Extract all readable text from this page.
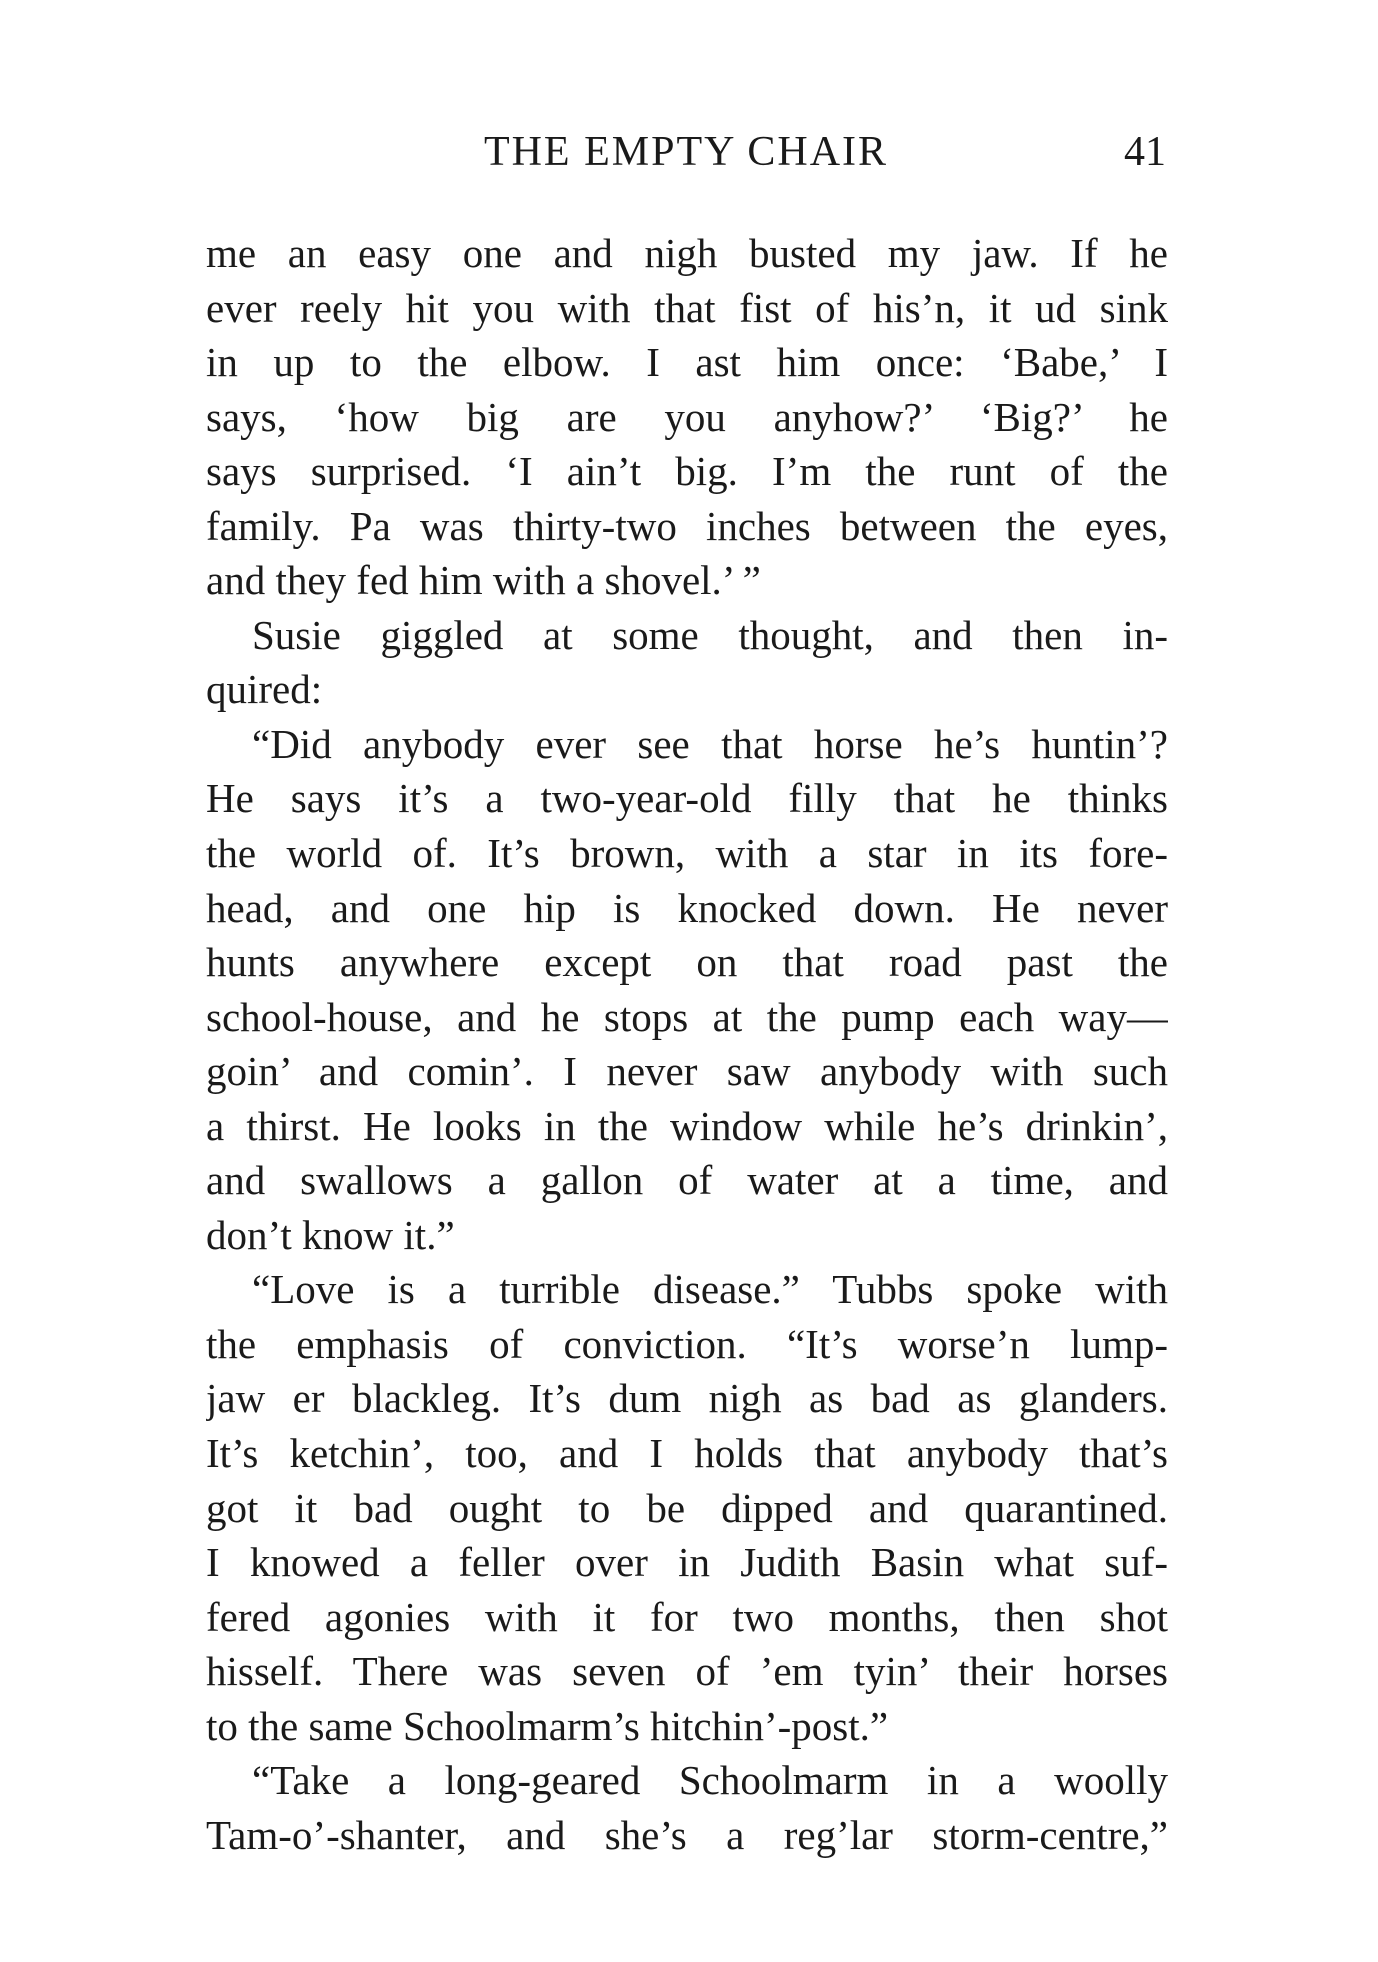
THE EMPTY CHAIR	41
me an easy one and nigh busted my jaw. If he
ever reely hit you with that fist of his’n, it ud sink
in up to the elbow. I ast him once: ‘Babe,’ I
says, ‘how big are you anyhow?’ ‘Big?’ he
says surprised. ‘I ain’t big. I’m the runt of the
family. Pa was thirty-two inches between the eyes,
and they fed him with a shovel.’ ”
Susie giggled at some thought, and then in-
quired:
“Did anybody ever see that horse he’s huntin’?
He says it’s a two-year-old filly that he thinks
the world of. It’s brown, with a star in its fore-
head, and one hip is knocked down. He never
hunts anywhere except on that road past the
school-house, and he stops at the pump each way—
goin’ and comin’. I never saw anybody with such
a thirst. He looks in the window while he’s drinkin’,
and swallows a gallon of water at a time, and
don’t know it.”
“Love is a turrible disease.” Tubbs spoke with
the emphasis of conviction. “It’s worse’n lump-
jaw er blackleg. It’s dum nigh as bad as glanders.
It’s ketchin’, too, and I holds that anybody that’s
got it bad ought to be dipped and quarantined.
I knowed a feller over in Judith Basin what suf-
fered agonies with it for two months, then shot
hisself. There was seven of ’em tyin’ their horses
to the same Schoolmarm’s hitchin’-post.”
“Take a long-geared Schoolmarm in a woolly
Tam-o’-shanter, and she’s a reg’lar storm-centre,”
